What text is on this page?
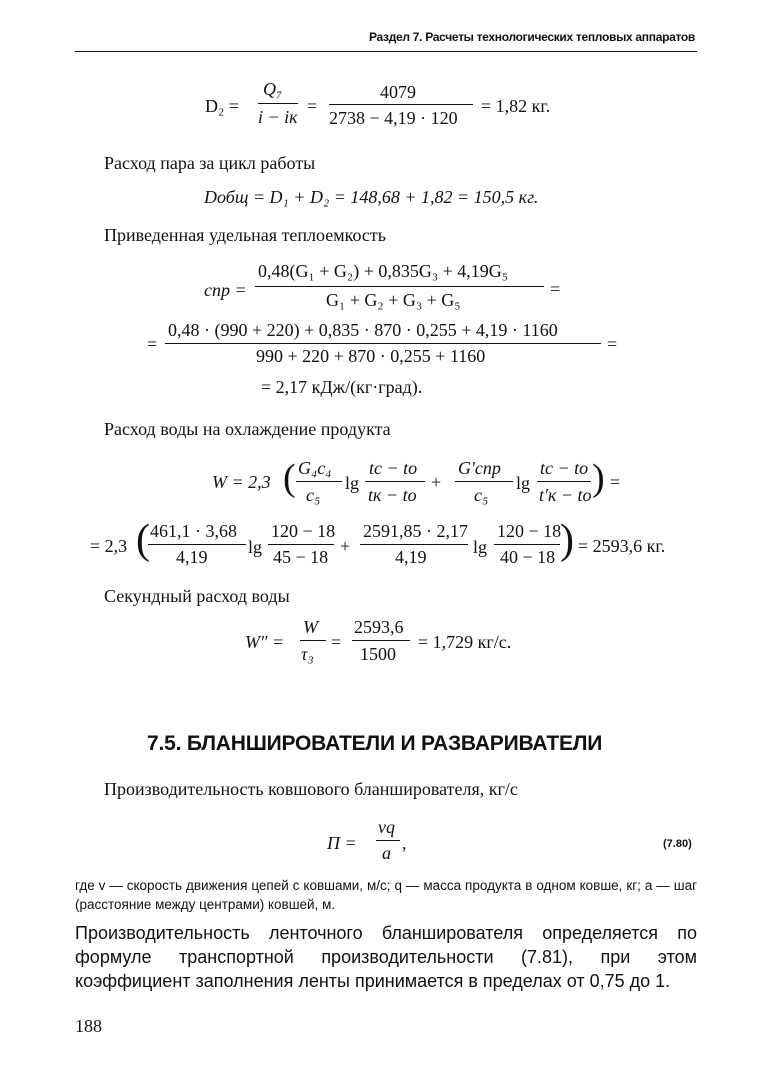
Раздел 7. Расчеты технологических тепловых аппаратов
D₂ =
Q₇
i − iк
=
4079
2738 − 4,19 · 120
= 1,82 кг.
Расход пара за цикл работы
Dобщ = D₁ + D₂ = 148,68 + 1,82 = 150,5 кг.
Приведенная удельная теплоемкость
cпр =
0,48(G₁ + G₂) + 0,835G₃ + 4,19G₅
G₁ + G₂ + G₃ + G₅
=
=
0,48 · (990 + 220) + 0,835 · 870 · 0,255 + 4,19 · 1160
990 + 220 + 870 · 0,255 + 1160
=
= 2,17 кДж/(кг·град).
Расход воды на охлаждение продукта
W = 2,3 ( G₄c₄
c₅
lg
tс − tо
tк − tо
+
G′cпр
c₅
lg
tс − tо
t′к − tо ) =
= 2,3 ( 461,1 · 3,68
4,19 lg
120 − 18
45 − 18
+
2591,85 · 2,17
4,19	lg
120 − 18
40 − 18 ) = 2593,6 кг.
Секундный расход воды
W″ =
W
τ₃
=
2593,6
1500
= 1,729 кг/с.
7.5. БЛАНШИРОВАТЕЛИ И РАЗВАРИВАТЕЛИ
Производительность ковшового бланширователя, кг/с
П =
vq
a ,	(7.80)
где v — скорость движения цепей с ковшами, м/с; q — масса продукта в одном ковше, кг; a — шаг (расстояние между центрами) ковшей, м.
Производительность ленточного бланширователя определяется по формуле транспортной производительности (7.81), при этом коэффициент заполнения ленты принимается в пределах от 0,75 до 1.
188
